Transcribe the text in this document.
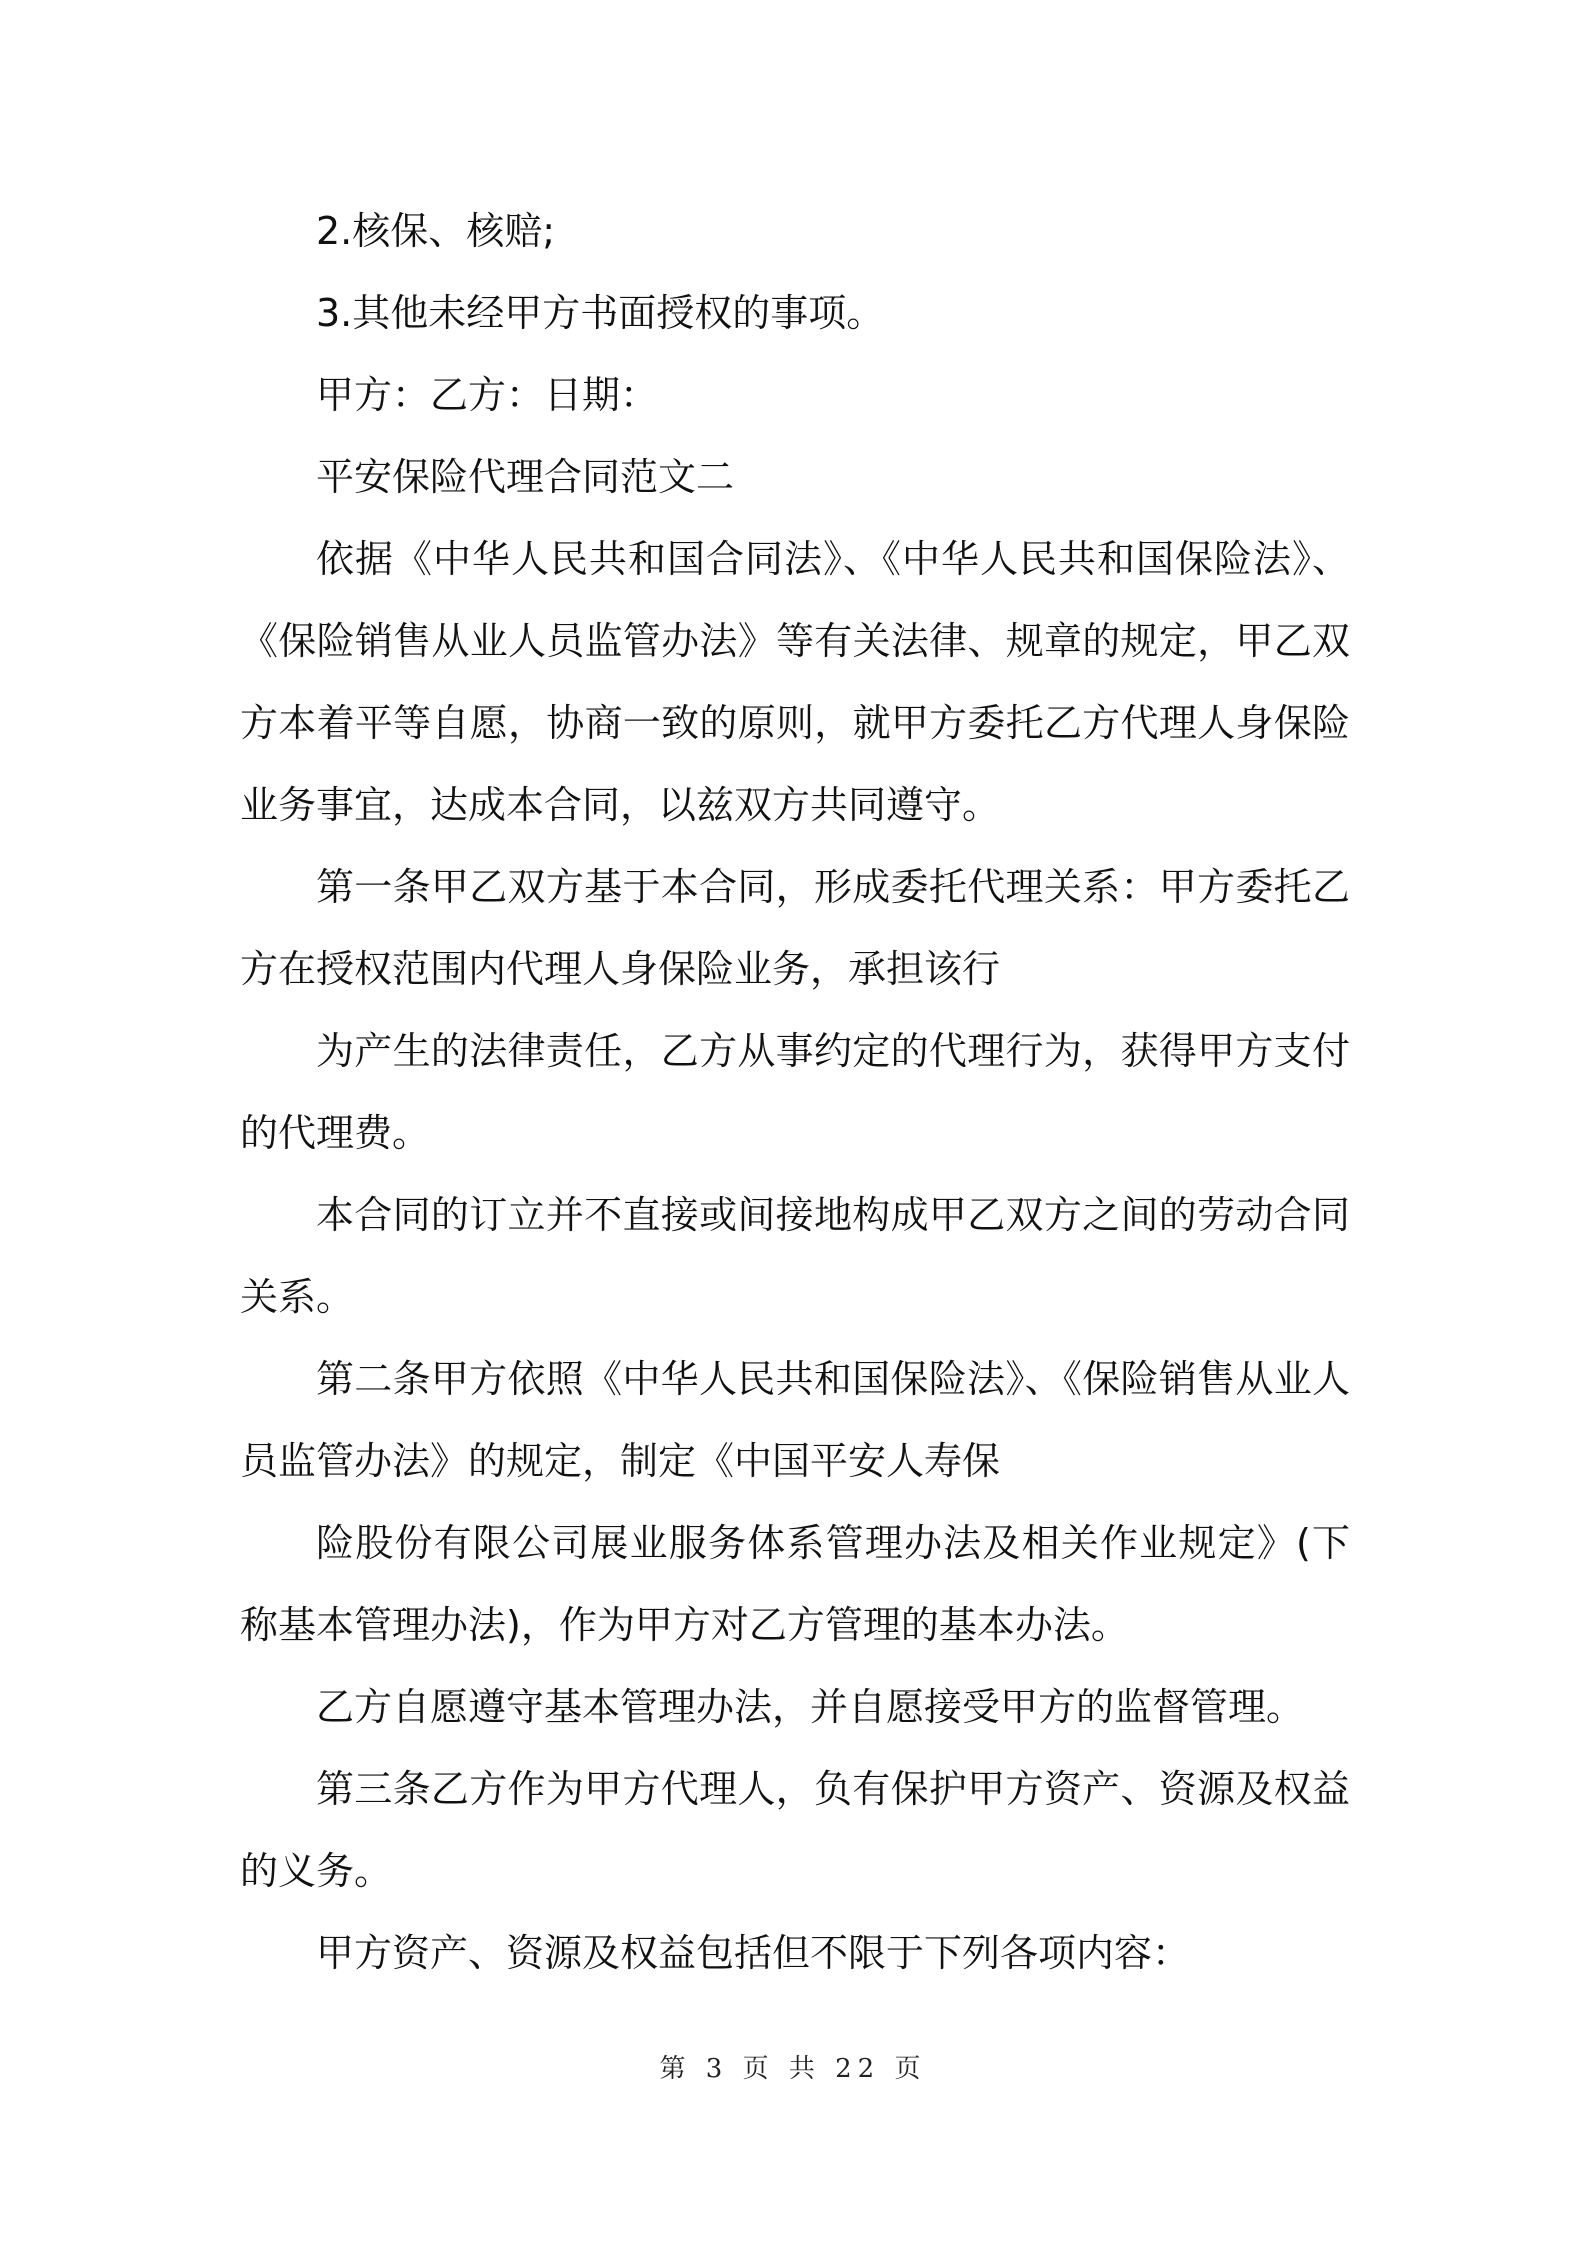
2.核保、核赔;

3.其他未经甲方书面授权的事项。

甲方：乙方：日期：

平安保险代理合同范文二

依据《中华人民共和国合同法》、《中华人民共和国保险法》、《保险销售从业人员监管办法》等有关法律、规章的规定，甲乙双方本着平等自愿，协商一致的原则，就甲方委托乙方代理人身保险业务事宜，达成本合同，以兹双方共同遵守。

第一条甲乙双方基于本合同，形成委托代理关系：甲方委托乙方在授权范围内代理人身保险业务，承担该行

为产生的法律责任，乙方从事约定的代理行为，获得甲方支付的代理费。

本合同的订立并不直接或间接地构成甲乙双方之间的劳动合同关系。

第二条甲方依照《中华人民共和国保险法》、《保险销售从业人员监管办法》的规定，制定《中国平安人寿保

险股份有限公司展业服务体系管理办法及相关作业规定》(下称基本管理办法)，作为甲方对乙方管理的基本办法。

乙方自愿遵守基本管理办法，并自愿接受甲方的监督管理。

第三条乙方作为甲方代理人，负有保护甲方资产、资源及权益的义务。

甲方资产、资源及权益包括但不限于下列各项内容：

第 3 页 共 22 页
